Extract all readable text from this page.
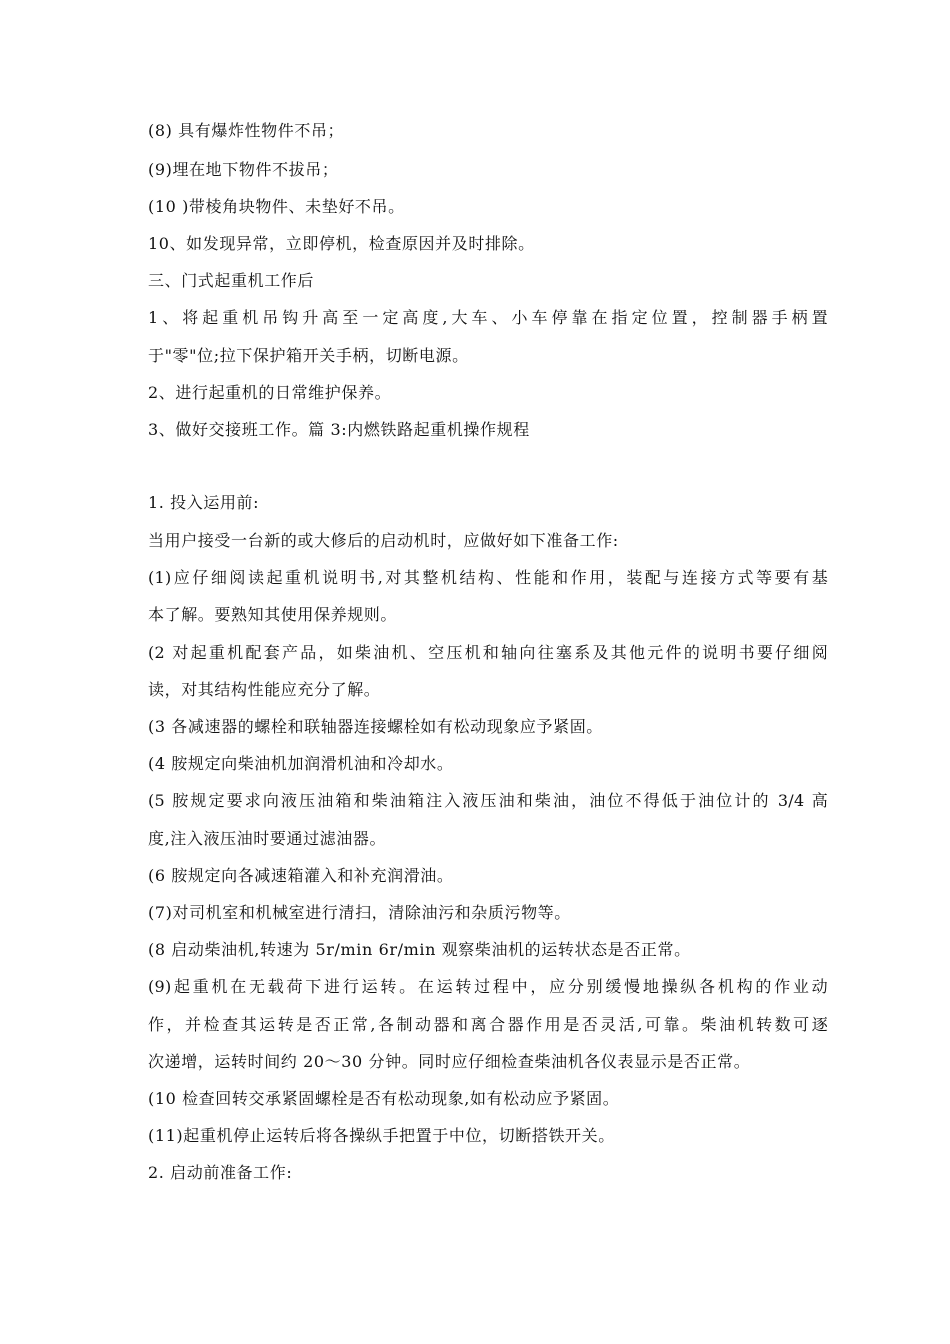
(8) 具有爆炸性物件不吊；
(9)埋在地下物件不拔吊；
(10 )带棱角块物件、未垫好不吊。
10、如发现异常，立即停机，检查原因并及时排除。
三、门式起重机工作后
1、将起重机吊钩升高至一定高度,大车、小车停靠在指定位置，控制器手柄置
于"零"位;拉下保护箱开关手柄，切断电源。
2、进行起重机的日常维护保养。
3、做好交接班工作。篇 3:内燃铁路起重机操作规程
1. 投入运用前:
当用户接受一台新的或大修后的启动机时，应做好如下准备工作:
(1)应仔细阅读起重机说明书,对其整机结构、性能和作用，装配与连接方式等要有基
本了解。要熟知其使用保养规则。
(2 对起重机配套产品，如柴油机、空压机和轴向往塞系及其他元件的说明书要仔细阅
读，对其结构性能应充分了解。
(3 各减速器的螺栓和联轴器连接螺栓如有松动现象应予紧固。
(4 胺规定向柴油机加润滑机油和冷却水。
(5 胺规定要求向液压油箱和柴油箱注入液压油和柴油，油位不得低于油位计的 3/4 高
度,注入液压油时要通过滤油器。
(6 胺规定向各减速箱灌入和补充润滑油。
(7)对司机室和机械室进行清扫，清除油污和杂质污物等。
(8 启动柴油机,转速为 5r/min 6r/min 观察柴油机的运转状态是否正常。
(9)起重机在无载荷下进行运转。在运转过程中，应分别缓慢地操纵各机构的作业动
作，并检查其运转是否正常,各制动器和离合器作用是否灵活,可靠。柴油机转数可逐
次递增，运转时间约 20〜30 分钟。同时应仔细检查柴油机各仪表显示是否正常。
(10 检查回转交承紧固螺栓是否有松动现象,如有松动应予紧固。
(11)起重机停止运转后将各操纵手把置于中位，切断搭铁开关。
2. 启动前准备工作:
